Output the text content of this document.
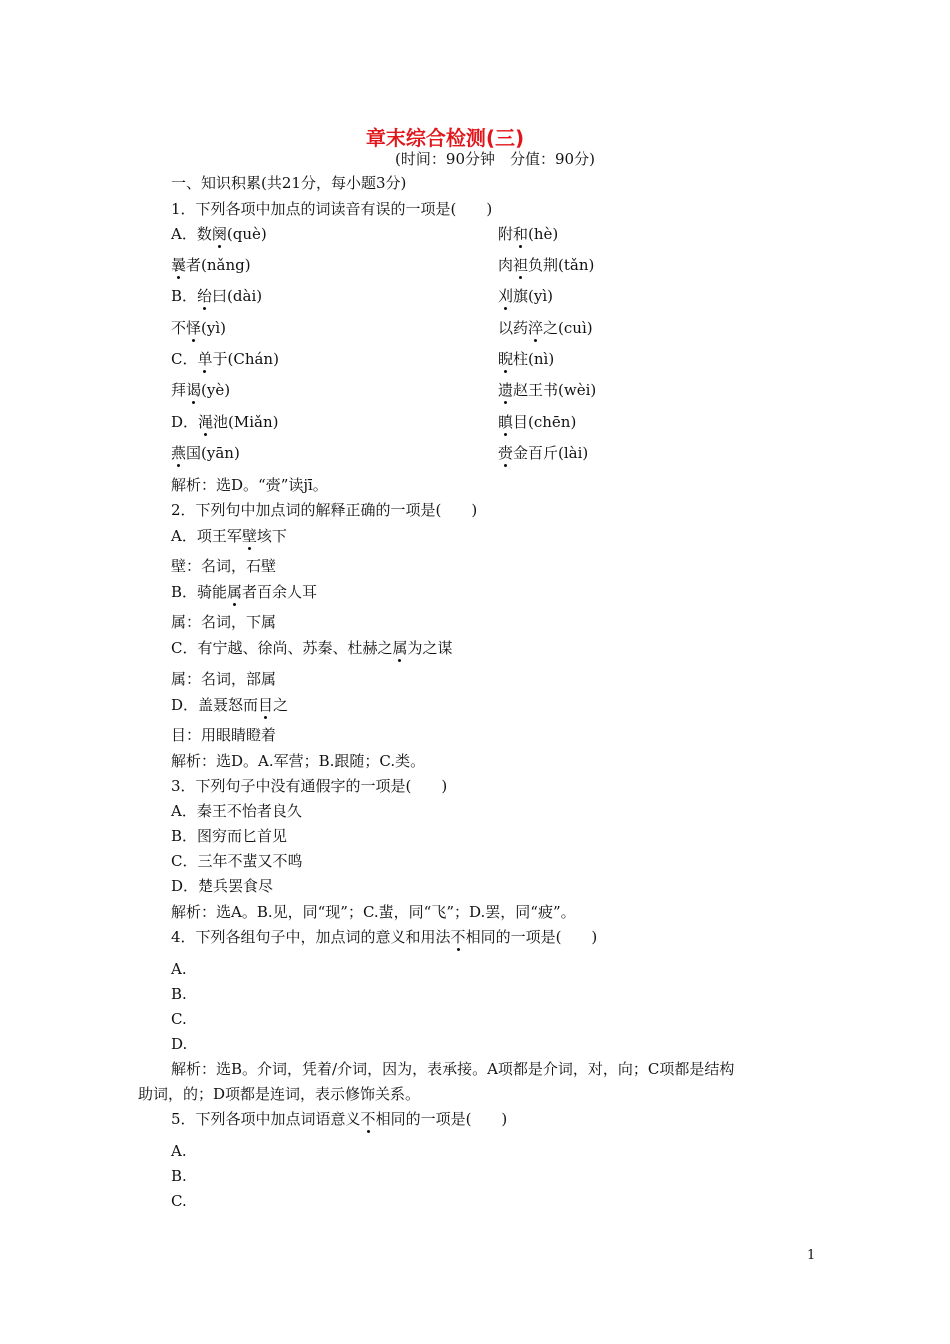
章末综合检测(三)
(时间：90分钟　分值：90分)
一、知识积累(共21分，每小题3分)
1．下列各项中加点的词读音有误的一项是(　　)
A．数阕(què)	附和(hè)
曩者(nǎng)	肉袒负荆(tǎn)
B．绐曰(dài)	刈旗(yì)
不怿(yì)	以药淬之(cuì)
C．单于(Chán)	睨柱(nì)
拜谒(yè)	遗赵王书(wèi)
D．渑池(Miǎn)	瞋目(chēn)
燕国(yān)	赍金百斤(lài)
解析：选D。“赍”读jī。
2．下列句中加点词的解释正确的一项是(　　)
A．项王军壁垓下
壁：名词，石壁
B．骑能属者百余人耳
属：名词，下属
C．有宁越、徐尚、苏秦、杜赫之属为之谋
属：名词，部属
D．盖聂怒而目之
目：用眼睛瞪着
解析：选D。A.军营；B.跟随；C.类。
3．下列句子中没有通假字的一项是(　　)
A．秦王不怡者良久
B．图穷而匕首见
C．三年不蜚又不鸣
D．楚兵罢食尽
解析：选A。B.见，同“现”；C.蜚，同“飞”；D.罢，同“疲”。
4．下列各组句子中，加点词的意义和用法不相同的一项是(　　)
A.
B.
C.
D.
解析：选B。介词，凭着/介词，因为，表承接。A项都是介词，对，向；C项都是结构
助词，的；D项都是连词，表示修饰关系。
5．下列各项中加点词语意义不相同的一项是(　　)
A.
B.
C.
1
